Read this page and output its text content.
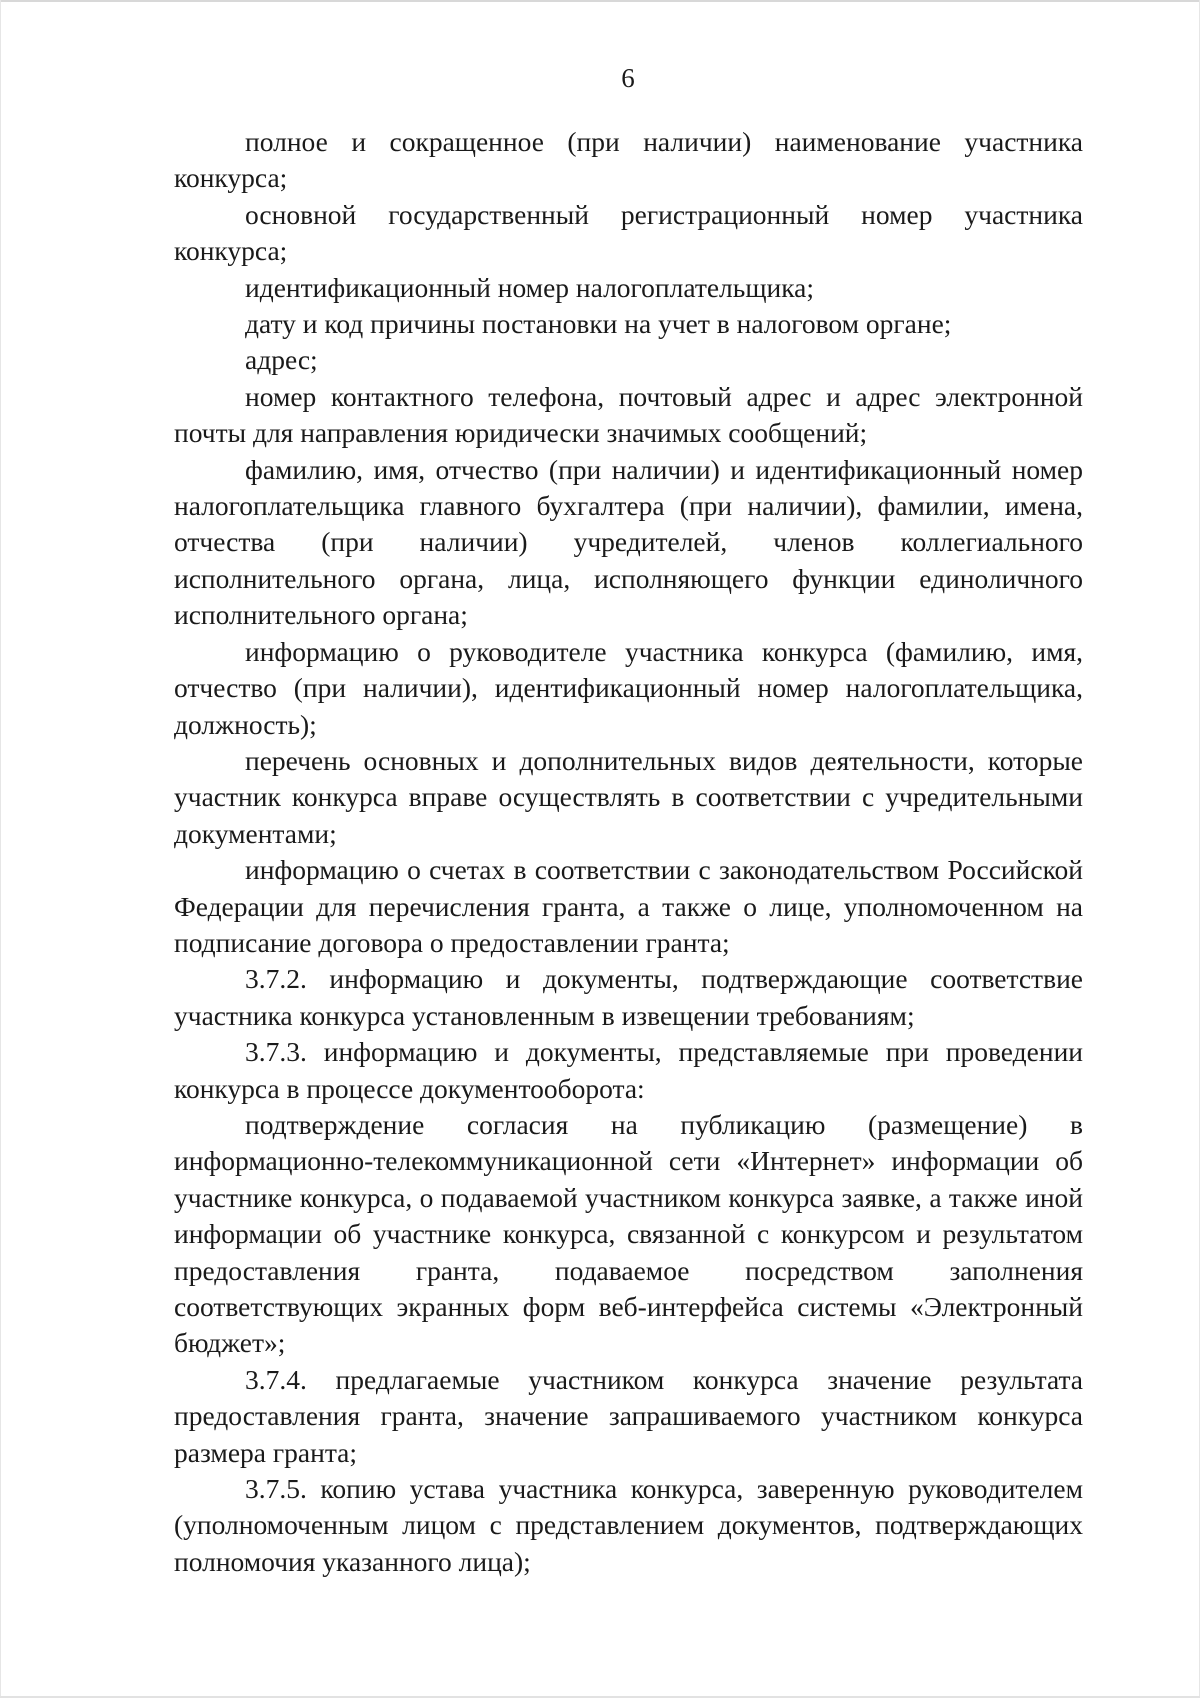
6

полное и сокращенное (при наличии) наименование участника конкурса;

основной государственный регистрационный номер участника конкурса;

идентификационный номер налогоплательщика;

дату и код причины постановки на учет в налоговом органе;

адрес;

номер контактного телефона, почтовый адрес и адрес электронной почты для направления юридически значимых сообщений;

фамилию, имя, отчество (при наличии) и идентификационный номер налогоплательщика главного бухгалтера (при наличии), фамилии, имена, отчества (при наличии) учредителей, членов коллегиального исполнительного органа, лица, исполняющего функции единоличного исполнительного органа;

информацию о руководителе участника конкурса (фамилию, имя, отчество (при наличии), идентификационный номер налогоплательщика, должность);

перечень основных и дополнительных видов деятельности, которые участник конкурса вправе осуществлять в соответствии с учредительными документами;

информацию о счетах в соответствии с законодательством Российской Федерации для перечисления гранта, а также о лице, уполномоченном на подписание договора о предоставлении гранта;

3.7.2. информацию и документы, подтверждающие соответствие участника конкурса установленным в извещении требованиям;

3.7.3. информацию и документы, представляемые при проведении конкурса в процессе документооборота:

подтверждение согласия на публикацию (размещение) в информационно-телекоммуникационной сети «Интернет» информации об участнике конкурса, о подаваемой участником конкурса заявке, а также иной информации об участнике конкурса, связанной с конкурсом и результатом предоставления гранта, подаваемое посредством заполнения соответствующих экранных форм веб-интерфейса системы «Электронный бюджет»;

3.7.4. предлагаемые участником конкурса значение результата предоставления гранта, значение запрашиваемого участником конкурса размера гранта;

3.7.5. копию устава участника конкурса, заверенную руководителем (уполномоченным лицом с представлением документов, подтверждающих полномочия указанного лица);
